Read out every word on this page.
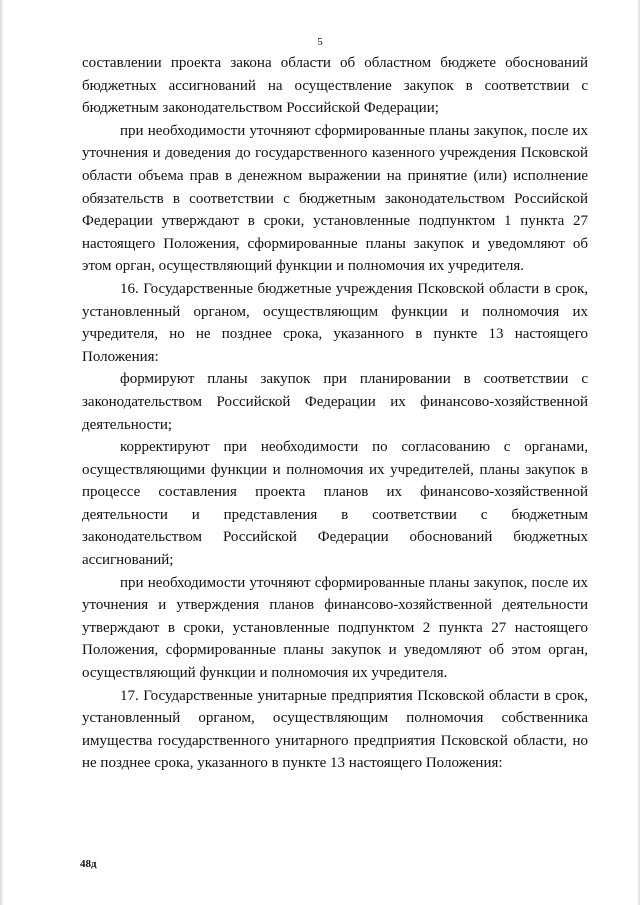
5

составлении проекта закона области об областном бюджете обоснований бюджетных ассигнований на осуществление закупок в соответствии с бюджетным законодательством Российской Федерации;

при необходимости уточняют сформированные планы закупок, после их уточнения и доведения до государственного казенного учреждения Псковской области объема прав в денежном выражении на принятие (или) исполнение обязательств в соответствии с бюджетным законодательством Российской Федерации утверждают в сроки, установленные подпунктом 1 пункта 27 настоящего Положения, сформированные планы закупок и уведомляют об этом орган, осуществляющий функции и полномочия их учредителя.

16. Государственные бюджетные учреждения Псковской области в срок, установленный органом, осуществляющим функции и полномочия их учредителя, но не позднее срока, указанного в пункте 13 настоящего Положения:

формируют планы закупок при планировании в соответствии с законодательством Российской Федерации их финансово-хозяйственной деятельности;

корректируют при необходимости по согласованию с органами, осуществляющими функции и полномочия их учредителей, планы закупок в процессе составления проекта планов их финансово-хозяйственной деятельности и представления в соответствии с бюджетным законодательством Российской Федерации обоснований бюджетных ассигнований;

при необходимости уточняют сформированные планы закупок, после их уточнения и утверждения планов финансово-хозяйственной деятельности утверждают в сроки, установленные подпунктом 2 пункта 27 настоящего Положения, сформированные планы закупок и уведомляют об этом орган, осуществляющий функции и полномочия их учредителя.

17. Государственные унитарные предприятия Псковской области в срок, установленный органом, осуществляющим полномочия собственника имущества государственного унитарного предприятия Псковской области, но не позднее срока, указанного в пункте 13 настоящего Положения:

48д
